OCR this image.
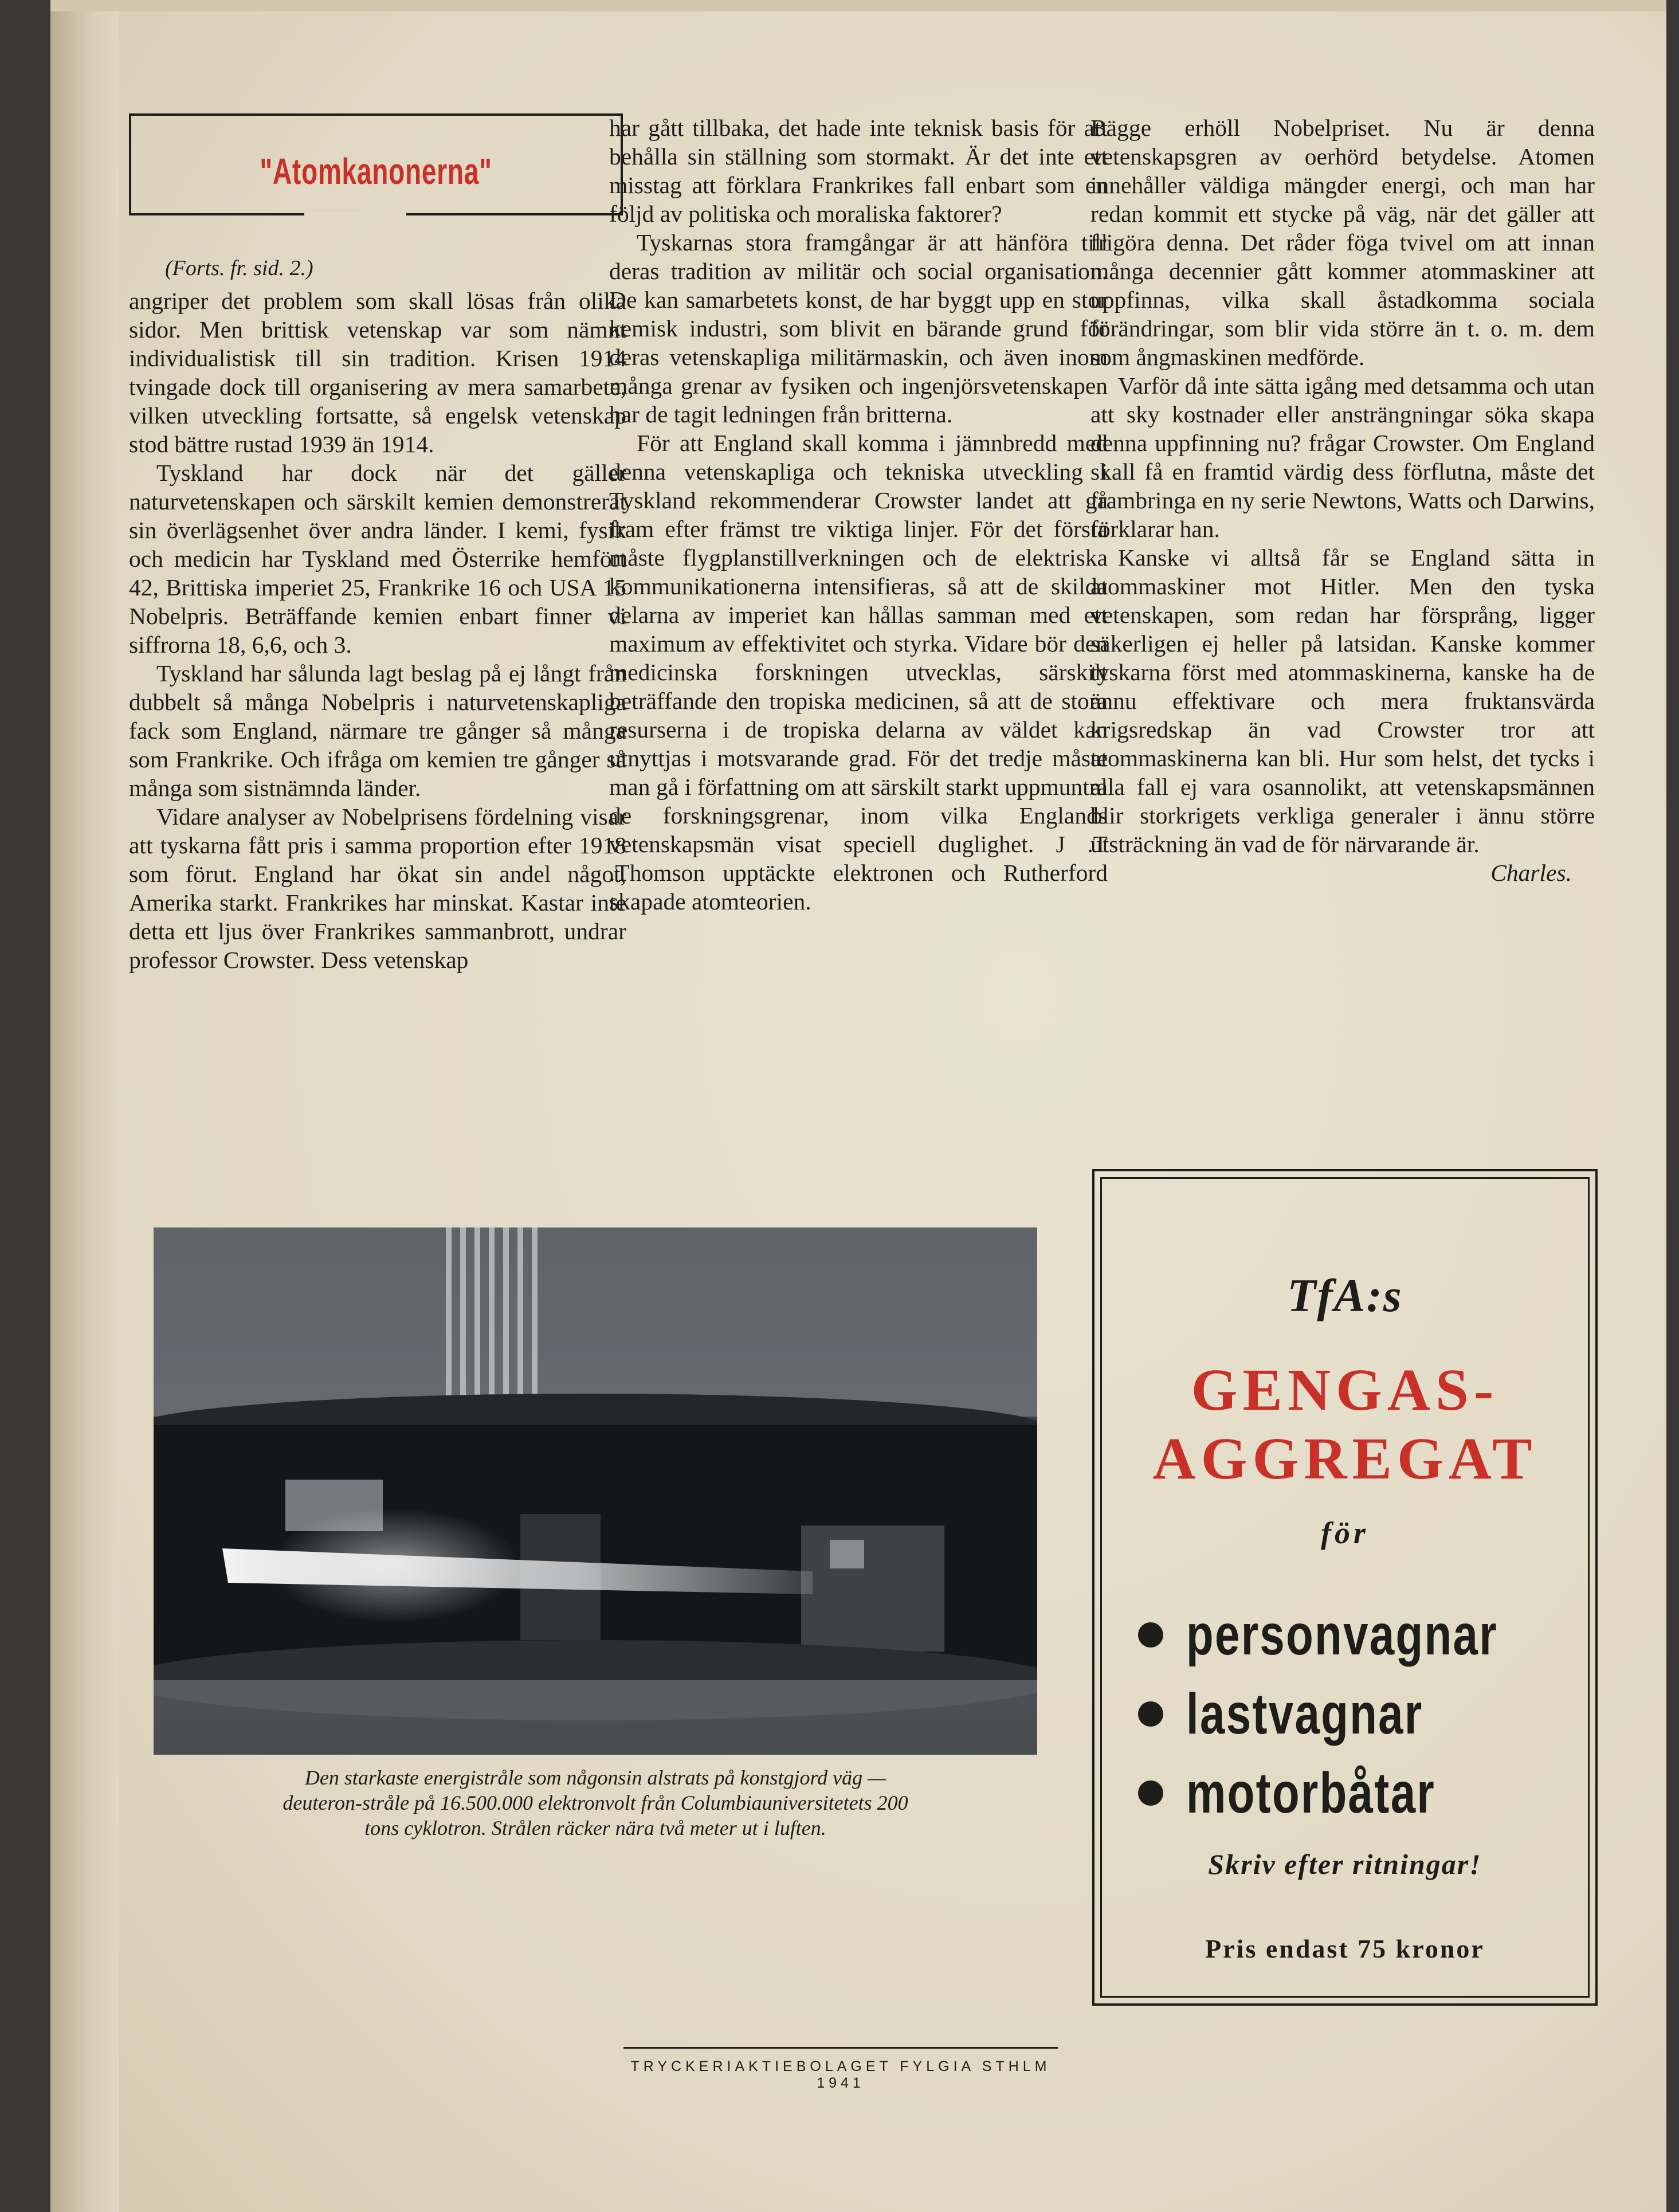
"Atomkanonerna"
(Forts. fr. sid. 2.)

angriper det problem som skall lösas från olika sidor. Men brittisk vetenskap var som nämnt individualistisk till sin tradition. Krisen 1914 tvingade dock till organisering av mera samarbete, vilken utveckling fortsatte, så engelsk vetenskap stod bättre rustad 1939 än 1914.

Tyskland har dock när det gäller naturvetenskapen och särskilt kemien demonstrerat sin överlägsenhet över andra länder. I kemi, fysik och medicin har Tyskland med Österrike hemfört 42, Brittiska imperiet 25, Frankrike 16 och USA 15 Nobelpris. Beträffande kemien enbart finner vi siffrorna 18, 6,6, och 3.

Tyskland har sålunda lagt beslag på ej långt från dubbelt så många Nobelpris i naturvetenskapliga fack som England, närmare tre gånger så många som Frankrike. Och ifråga om kemien tre gånger så många som sistnämnda länder.

Vidare analyser av Nobelprisens fördelning visar att tyskarna fått pris i samma proportion efter 1918 som förut. England har ökat sin andel något, Amerika starkt. Frankrikes har minskat. Kastar inte detta ett ljus över Frankrikes sammanbrott, undrar professor Crowster. Dess vetenskap

har gått tillbaka, det hade inte teknisk basis för att behålla sin ställning som stormakt. Är det inte ett misstag att förklara Frankrikes fall enbart som en följd av politiska och moraliska faktorer?

Tyskarnas stora framgångar är att hänföra till deras tradition av militär och social organisation. De kan samarbetets konst, de har byggt upp en stor kemisk industri, som blivit en bärande grund för deras vetenskapliga militärmaskin, och även inom många grenar av fysiken och ingenjörsvetenskapen har de tagit ledningen från britterna.

För att England skall komma i jämnbredd med denna vetenskapliga och tekniska utveckling i Tyskland rekommenderar Crowster landet att gå fram efter främst tre viktiga linjer. För det första måste flygplanstillverkningen och de elektriska kommunikationerna intensifieras, så att de skilda delarna av imperiet kan hållas samman med ett maximum av effektivitet och styrka. Vidare bör den medicinska forskningen utvecklas, särskilt beträffande den tropiska medicinen, så att de stora resurserna i de tropiska delarna av väldet kan utnyttjas i motsvarande grad. För det tredje måste man gå i författning om att särskilt starkt uppmuntra de forskningsgrenar, inom vilka Englands vetenskapsmän visat speciell duglighet. J .T .Thomson upptäckte elektronen och Rutherford skapade atomteorien.

Bägge erhöll Nobelpriset. Nu är denna vetenskapsgren av oerhörd betydelse. Atomen innehåller väldiga mängder energi, och man har redan kommit ett stycke på väg, när det gäller att frigöra denna. Det råder föga tvivel om att innan många decennier gått kommer atommaskiner att uppfinnas, vilka skall åstadkomma sociala förändringar, som blir vida större än t. o. m. dem som ångmaskinen medförde.

Varför då inte sätta igång med detsamma och utan att sky kostnader eller ansträngningar söka skapa denna uppfinning nu? frågar Crowster. Om England skall få en framtid värdig dess förflutna, måste det frambringa en ny serie Newtons, Watts och Darwins, förklarar han.

Kanske vi alltså får se England sätta in atommaskiner mot Hitler. Men den tyska vetenskapen, som redan har försprång, ligger säkerligen ej heller på latsidan. Kanske kommer tyskarna först med atommaskinerna, kanske ha de ännu effektivare och mera fruktansvärda krigsredskap än vad Crowster tror att atommaskinerna kan bli. Hur som helst, det tycks i alla fall ej vara osannolikt, att vetenskapsmännen blir storkrigets verkliga generaler i ännu större utsträckning än vad de för närvarande är.

Charles.

Den starkaste energistråle som någonsin alstrats på konstgjord väg —
deuteron-stråle på 16.500.000 elektronvolt från Columbiauniversitetets 200
tons cyklotron. Strålen räcker nära två meter ut i luften.
TfA:s
GENGAS-
AGGREGAT
för
personvagnar
lastvagnar
motorbåtar
Skriv efter ritningar!
Pris endast 75 kronor
TRYCKERIAKTIEBOLAGET FYLGIA STHLM 1941
